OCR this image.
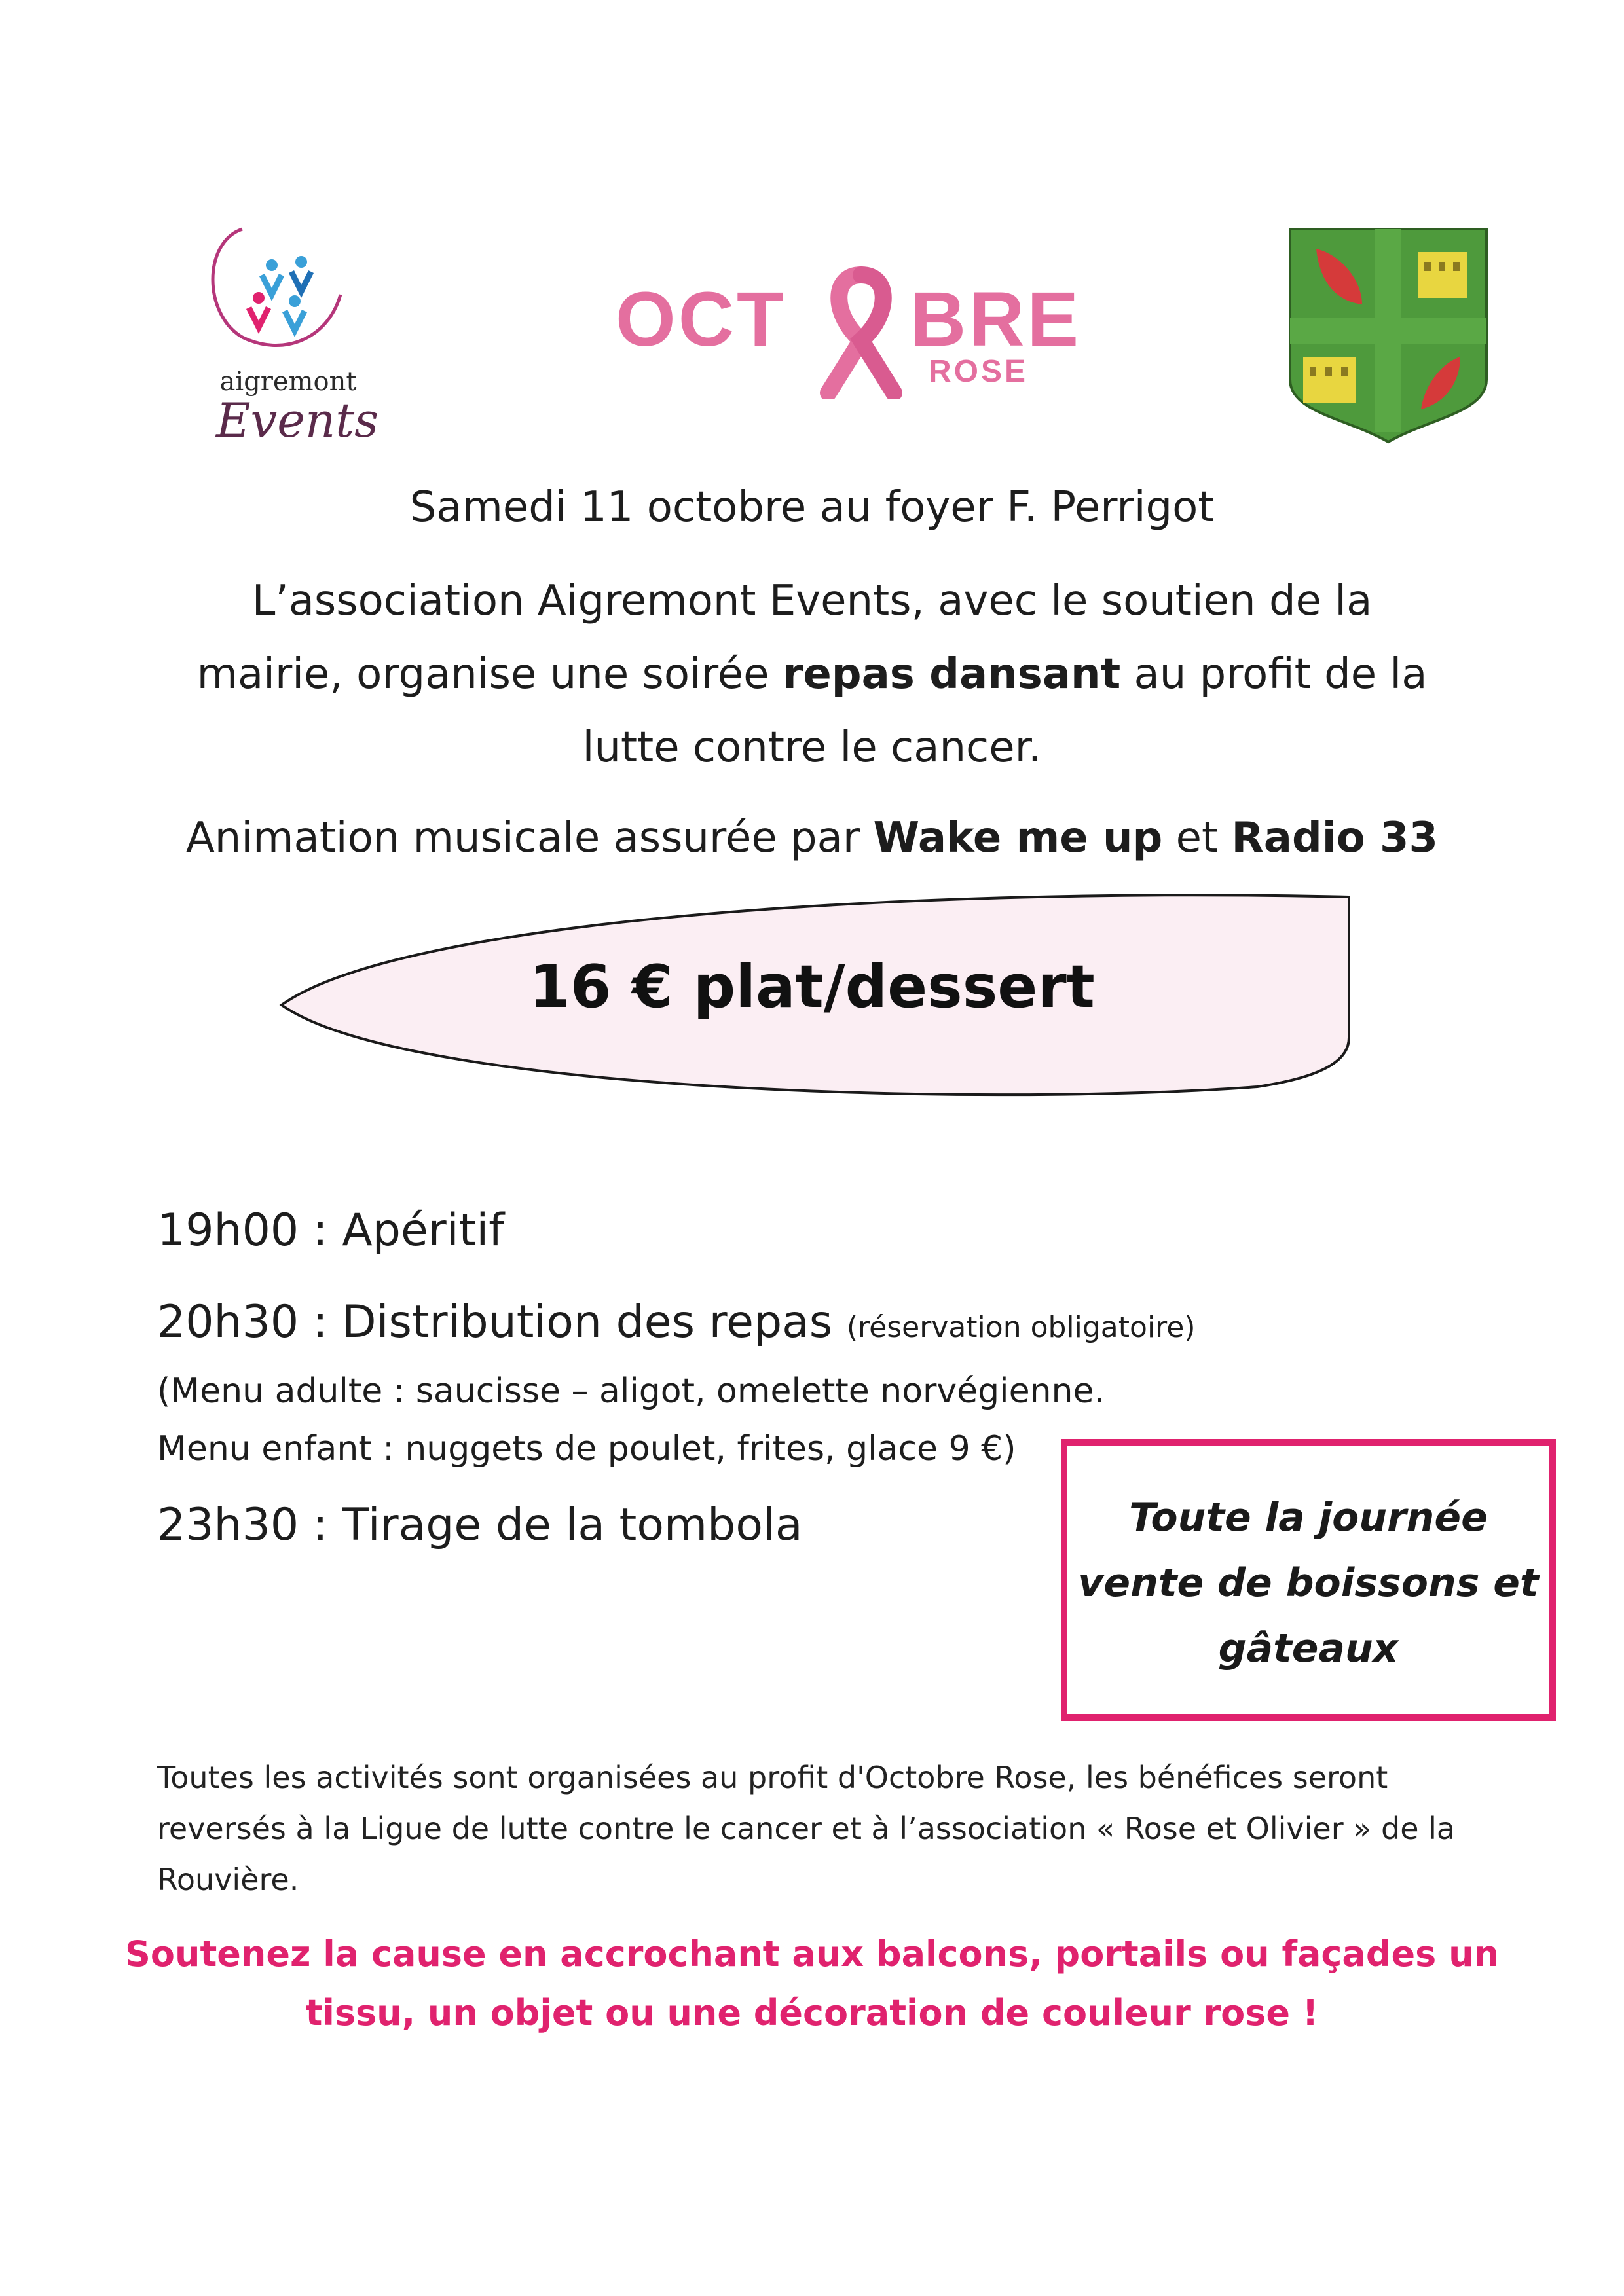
aigremont
Events
OCT BRE
ROSE
Samedi 11 octobre au foyer F. Perrigot
L’association Aigremont Events, avec le soutien de la
mairie, organise une soirée repas dansant au profit de la
lutte contre le cancer.
Animation musicale assurée par Wake me up et Radio 33
16 € plat/dessert
19h00 : Apéritif
20h30 : Distribution des repas (réservation obligatoire)
(Menu adulte : saucisse – aligot, omelette norvégienne.
Menu enfant : nuggets de poulet, frites, glace 9 €)
23h30 : Tirage de la tombola	Toute la journée
vente de boissons et
gâteaux
Toutes les activités sont organisées au profit d'Octobre Rose, les bénéfices seront
reversés à la Ligue de lutte contre le cancer et à l’association « Rose et Olivier » de la
Rouvière.
Soutenez la cause en accrochant aux balcons, portails ou façades un
tissu, un objet ou une décoration de couleur rose !
